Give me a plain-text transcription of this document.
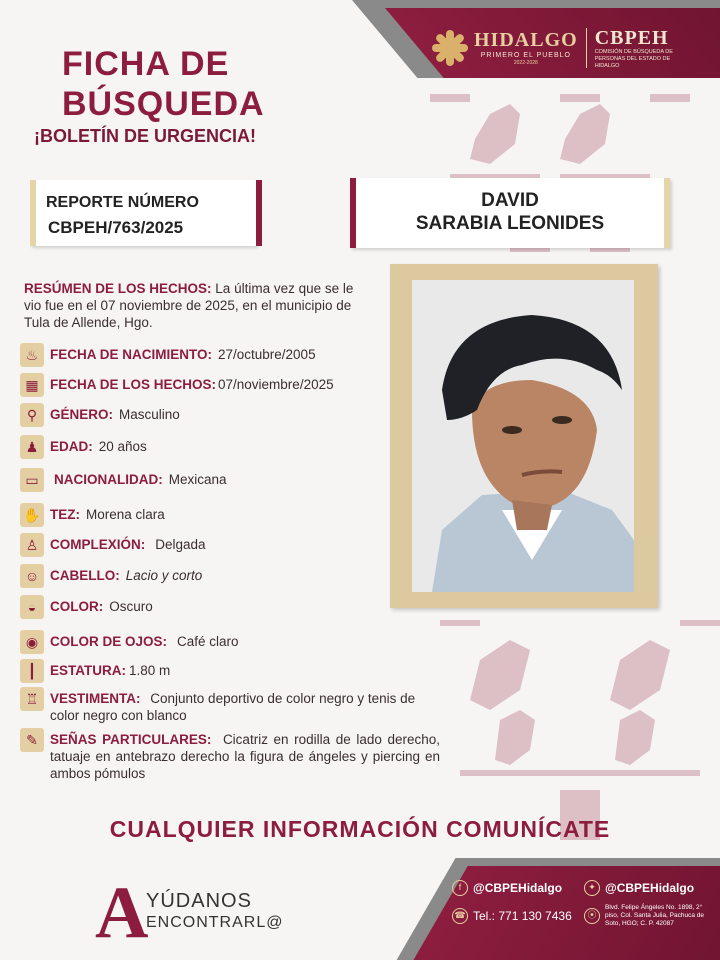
HIDALGO
PRIMERO EL PUEBLO
2022-2028
CBPEH
COMISIÓN DE BÚSQUEDA DE PERSONAS DEL ESTADO DE HIDALGO
FICHA DE
BÚSQUEDA
¡BOLETÍN DE URGENCIA!
REPORTE NÚMERO
CBPEH/763/2025
DAVID
SARABIA LEONIDES
RESÚMEN DE LOS HECHOS: La última vez que se le vio fue en el 07 noviembre de 2025, en el municipio de Tula de Allende, Hgo.
♨ FECHA DE NACIMIENTO: 27/octubre/2005
▦ FECHA DE LOS HECHOS: 07/noviembre/2025
⚲ GÉNERO: Masculino
♟ EDAD: 20 años
▭	NACIONALIDAD: Mexicana
✋ TEZ: Morena clara
♙ COMPLEXIÓN: Delgada
☺ CABELLO: Lacio y corto
◒	COLOR: Oscuro
◉ COLOR DE OJOS: Café claro
┃	ESTATURA: 1.80 m
♖ VESTIMENTA: Conjunto deportivo de color negro y tenis de color negro con blanco
✎ SEÑAS PARTICULARES: Cicatriz en rodilla de lado derecho, tatuaje en antebrazo derecho la figura de ángeles y piercing en ambos pómulos
CUALQUIER INFORMACIÓN COMUNÍCATE
A
YÚDANOS
ENCONTRARL@
f @CBPEHidalgo	✦ @CBPEHidalgo
☎ Tel.: 771 130 7436	⦿
Blvd. Felipe Ángeles No. 1898, 2° piso, Col. Santa Julia, Pachuca de Soto, HGO; C. P. 42087
